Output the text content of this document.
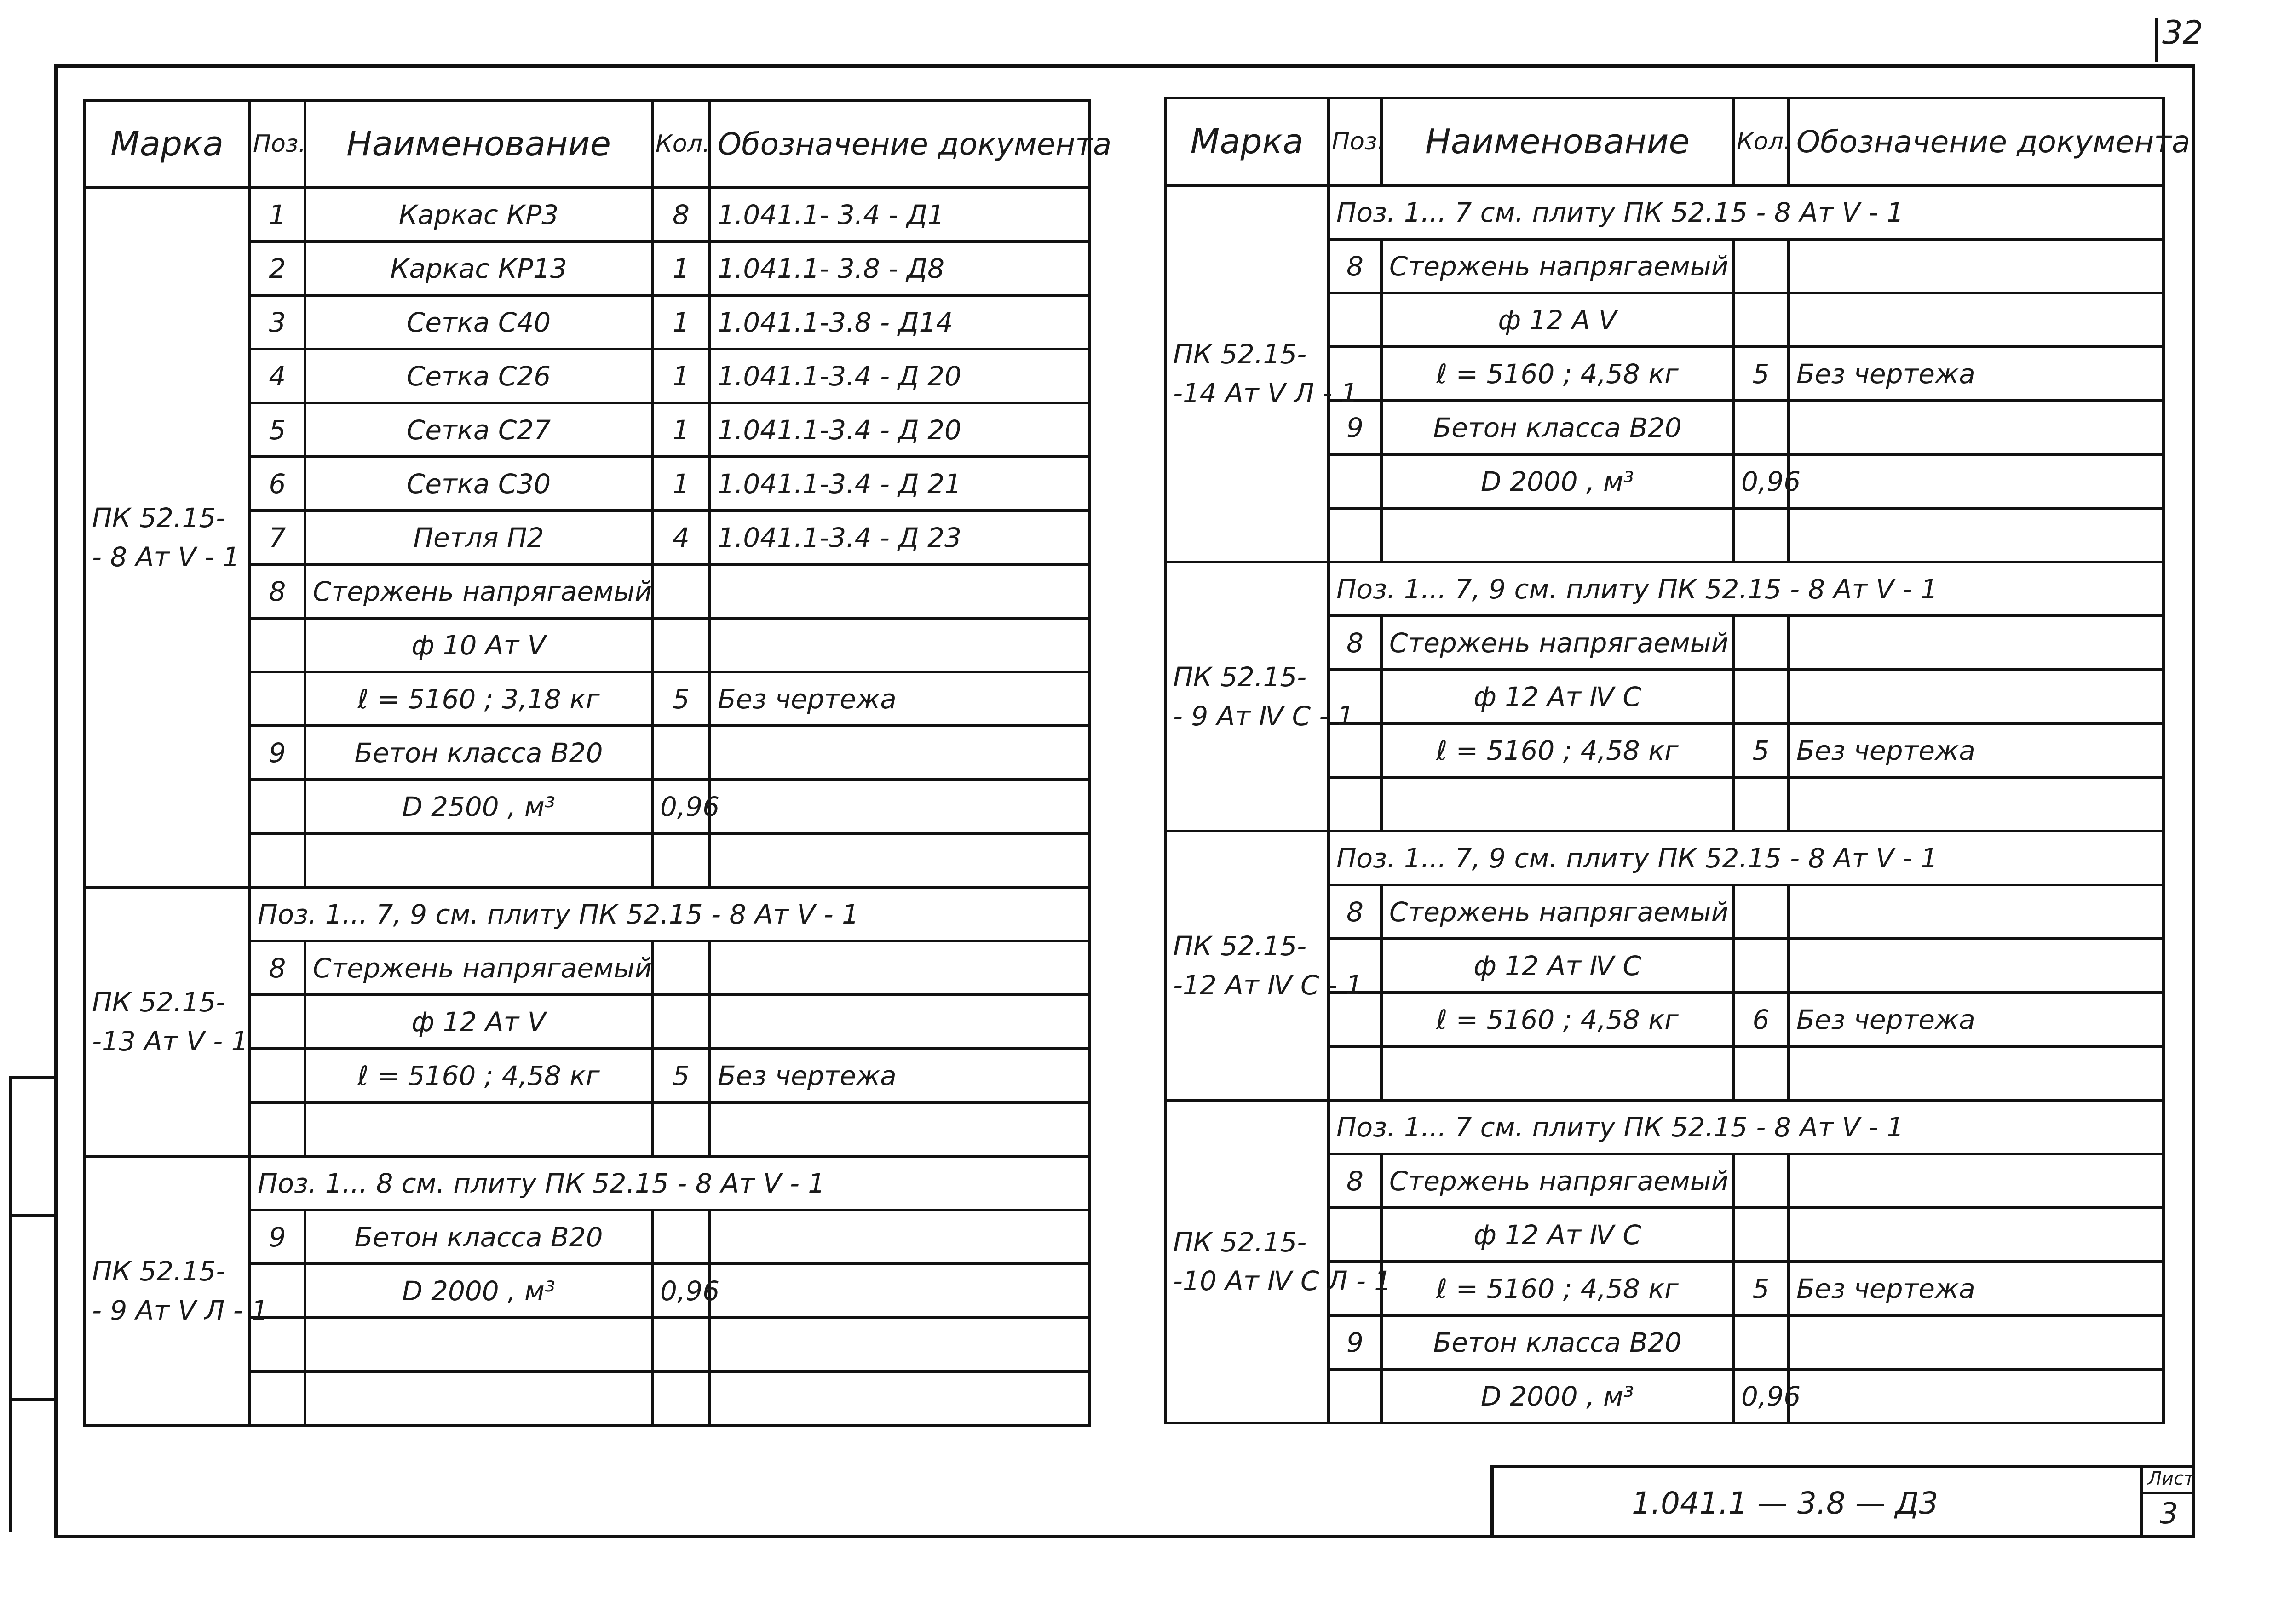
32
Марка	Поз.	Наименование	Кол.	Обозначение документа

ПК 52.15-
- 8 Ат Ⅴ - 1	1	Каркас КР3	8	1.041.1- 3.4 - Д1
	2	Каркас КР13	1	1.041.1- 3.8 - Д8
	3	Сетка С40	1	1.041.1-3.8 - Д14
	4	Сетка С26	1	1.041.1-3.4 - Д 20
	5	Сетка С27	1	1.041.1-3.4 - Д 20
	6	Сетка С30	1	1.041.1-3.4 - Д 21
	7	Петля П2	4	1.041.1-3.4 - Д 23
	8	Стержень напрягаемый		
		ф 10 Ат Ⅴ		
		ℓ = 5160 ; 3,18 кг	5	Без чертежа
	9	Бетон класса В20		
		D 2500 , м³	0,96	

ПК 52.15-
-13 Ат Ⅴ - 1	Поз. 1... 7, 9 см. плиту ПК 52.15 - 8 Ат Ⅴ - 1			
	8	Стержень напрягаемый		
		ф 12 Ат Ⅴ		
		ℓ = 5160 ; 4,58 кг	5	Без чертежа

ПК 52.15-
- 9 Ат Ⅴ Л - 1	Поз. 1... 8 см. плиту ПК 52.15 - 8 Ат Ⅴ - 1			
	9	Бетон класса В20		
		D 2000 , м³	0,96	

Марка	Поз.	Наименование	Кол.	Обозначение документа

ПК 52.15-
-14 Ат Ⅴ Л - 1	Поз. 1... 7 см. плиту ПК 52.15 - 8 Ат Ⅴ - 1			
	8	Стержень напрягаемый		
		ф 12 А Ⅴ		
		ℓ = 5160 ; 4,58 кг	5	Без чертежа
	9	Бетон класса В20		
		D 2000 , м³	0,96	

ПК 52.15-
- 9 Ат Ⅳ С - 1	Поз. 1... 7, 9 см. плиту ПК 52.15 - 8 Ат Ⅴ - 1			
	8	Стержень напрягаемый		
		ф 12 Ат Ⅳ С		
		ℓ = 5160 ; 4,58 кг	5	Без чертежа

ПК 52.15-
-12 Ат Ⅳ С - 1	Поз. 1... 7, 9 см. плиту ПК 52.15 - 8 Ат Ⅴ - 1			
	8	Стержень напрягаемый		
		ф 12 Ат Ⅳ С		
		ℓ = 5160 ; 4,58 кг	6	Без чертежа

ПК 52.15-
-10 Ат Ⅳ С Л - 1	Поз. 1... 7 см. плиту ПК 52.15 - 8 Ат Ⅴ - 1			
	8	Стержень напрягаемый		
		ф 12 Ат Ⅳ С		
		ℓ = 5160 ; 4,58 кг	5	Без чертежа
	9	Бетон класса В20		
		D 2000 , м³	0,96	
1.041.1 — 3.8 — Д3
Лист
3
